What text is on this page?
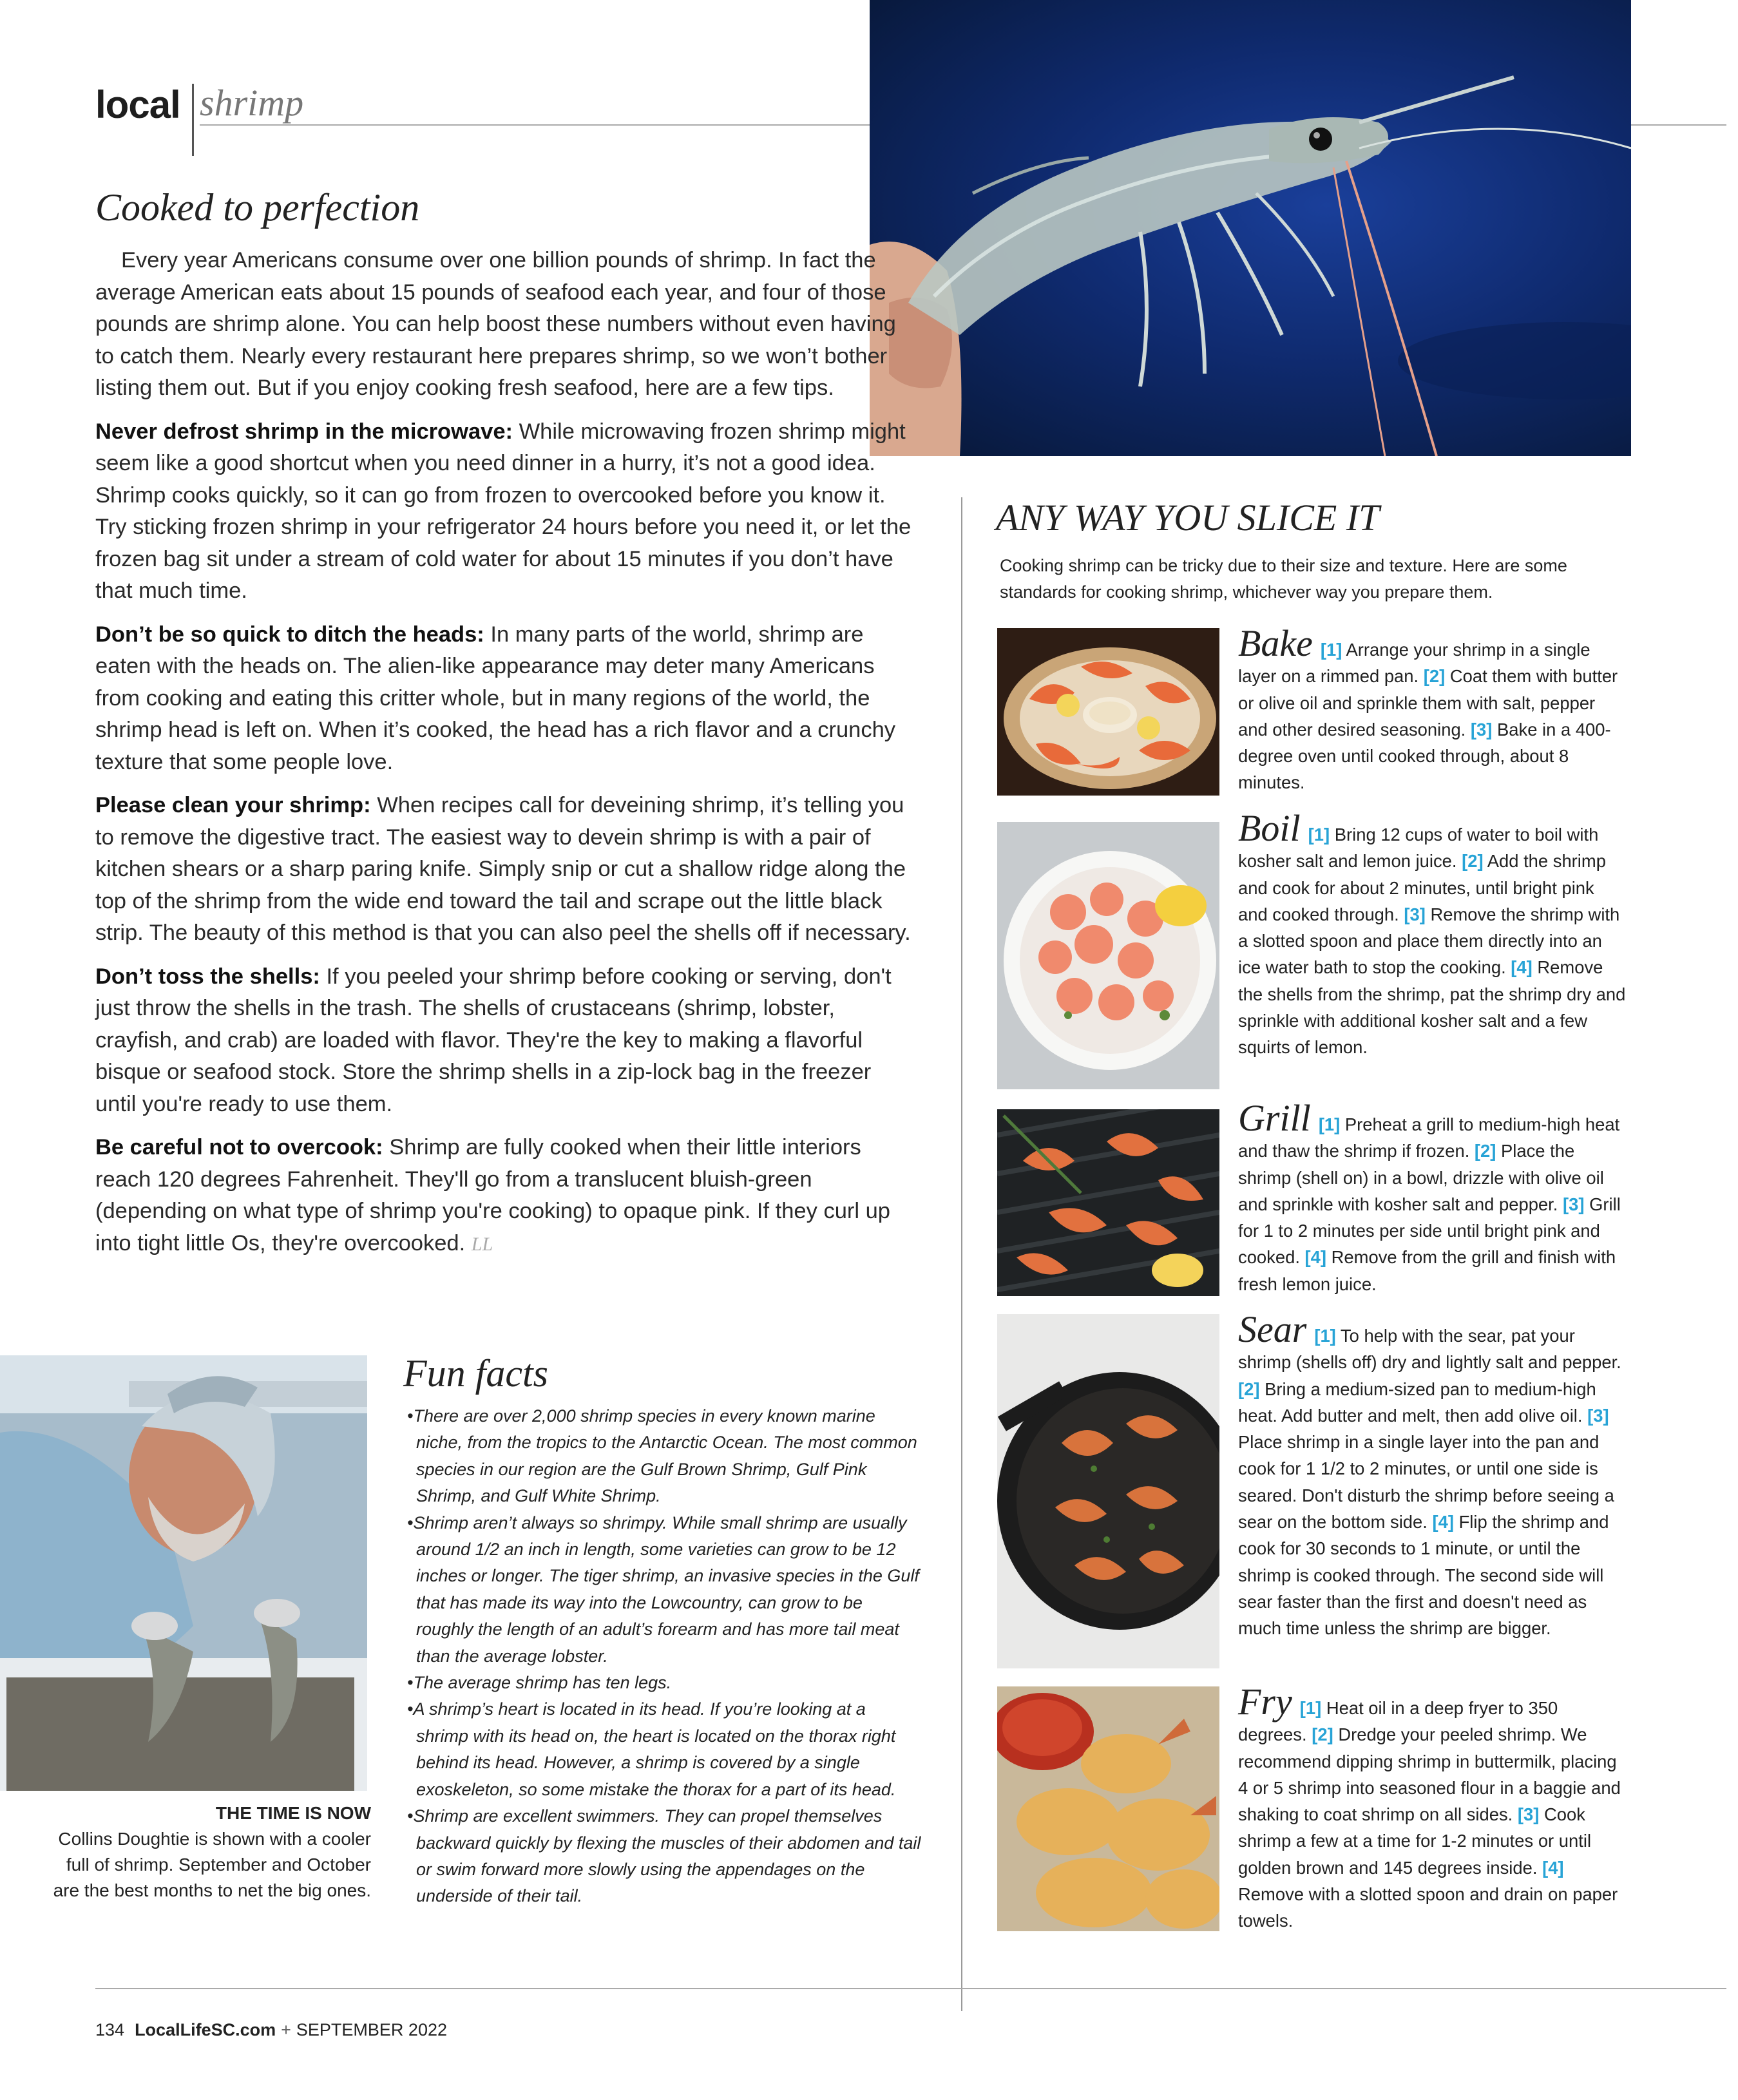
local shrimp
Cooked to perfection

Every year Americans consume over one billion pounds of shrimp. In fact the average American eats about 15 pounds of seafood each year, and four of those pounds are shrimp alone. You can help boost these numbers without even having to catch them. Nearly every restaurant here prepares shrimp, so we won’t bother listing them out. But if you enjoy cooking fresh seafood, here are a few tips.

Never defrost shrimp in the microwave: While microwaving frozen shrimp might seem like a good shortcut when you need dinner in a hurry, it’s not a good idea. Shrimp cooks quickly, so it can go from frozen to overcooked before you know it. Try sticking frozen shrimp in your refrigerator 24 hours before you need it, or let the frozen bag sit under a stream of cold water for about 15 minutes if you don’t have that much time.

Don’t be so quick to ditch the heads: In many parts of the world, shrimp are eaten with the heads on. The alien-like appearance may deter many Americans from cooking and eating this critter whole, but in many regions of the world, the shrimp head is left on. When it’s cooked, the head has a rich flavor and a crunchy texture that some people love.

Please clean your shrimp: When recipes call for deveining shrimp, it’s telling you to remove the digestive tract. The easiest way to devein shrimp is with a pair of kitchen shears or a sharp paring knife. Simply snip or cut a shallow ridge along the top of the shrimp from the wide end toward the tail and scrape out the little black strip. The beauty of this method is that you can also peel the shells off if necessary.

Don’t toss the shells: If you peeled your shrimp before cooking or serving, don't just throw the shells in the trash. The shells of crustaceans (shrimp, lobster, crayfish, and crab) are loaded with flavor. They're the key to making a flavorful bisque or seafood stock. Store the shrimp shells in a zip-lock bag in the freezer until you're ready to use them.

Be careful not to overcook: Shrimp are fully cooked when their little interiors reach 120 degrees Fahrenheit. They'll go from a translucent bluish-green (depending on what type of shrimp you're cooking) to opaque pink. If they curl up into tight little Os, they're overcooked. LL

THE TIME IS NOW
Collins Doughtie is shown with a cooler full of shrimp. September and October are the best months to net the big ones.
Fun facts
• There are over 2,000 shrimp species in every known marine niche, from the tropics to the Antarctic Ocean. The most common species in our region are the Gulf Brown Shrimp, Gulf Pink Shrimp, and Gulf White Shrimp.
• Shrimp aren’t always so shrimpy. While small shrimp are usually around 1/2 an inch in length, some varieties can grow to be 12 inches or longer. The tiger shrimp, an invasive species in the Gulf that has made its way into the Lowcountry, can grow to be roughly the length of an adult’s forearm and has more tail meat than the average lobster.
• The average shrimp has ten legs.
• A shrimp’s heart is located in its head. If you’re looking at a shrimp with its head on, the heart is located on the thorax right behind its head. However, a shrimp is covered by a single exoskeleton, so some mistake the thorax for a part of its head.
• Shrimp are excellent swimmers. They can propel themselves backward quickly by flexing the muscles of their abdomen and tail or swim forward more slowly using the appendages on the underside of their tail.
ANY WAY YOU SLICE IT
Cooking shrimp can be tricky due to their size and texture. Here are some standards for cooking shrimp, whichever way you prepare them.
Bake [1] Arrange your shrimp in a single layer on a rimmed pan. [2] Coat them with butter or olive oil and sprinkle them with salt, pepper and other desired seasoning. [3] Bake in a 400-degree oven until cooked through, about 8 minutes.
Boil [1] Bring 12 cups of water to boil with kosher salt and lemon juice. [2] Add the shrimp and cook for about 2 minutes, until bright pink and cooked through. [3] Remove the shrimp with a slotted spoon and place them directly into an ice water bath to stop the cooking. [4] Remove the shells from the shrimp, pat the shrimp dry and sprinkle with additional kosher salt and a few squirts of lemon.
Grill [1] Preheat a grill to medium-high heat and thaw the shrimp if frozen. [2] Place the shrimp (shell on) in a bowl, drizzle with olive oil and sprinkle with kosher salt and pepper. [3] Grill for 1 to 2 minutes per side until bright pink and cooked. [4] Remove from the grill and finish with fresh lemon juice.
Sear [1] To help with the sear, pat your shrimp (shells off) dry and lightly salt and pepper. [2] Bring a medium-sized pan to medium-high heat. Add butter and melt, then add olive oil. [3] Place shrimp in a single layer into the pan and cook for 1 1/2 to 2 minutes, or until one side is seared. Don't disturb the shrimp before seeing a sear on the bottom side. [4] Flip the shrimp and cook for 30 seconds to 1 minute, or until the shrimp is cooked through. The second side will sear faster than the first and doesn't need as much time unless the shrimp are bigger.
Fry [1] Heat oil in a deep fryer to 350 degrees. [2] Dredge your peeled shrimp. We recommend dipping shrimp in buttermilk, placing 4 or 5 shrimp into seasoned flour in a baggie and shaking to coat shrimp on all sides. [3] Cook shrimp a few at a time for 1-2 minutes or until golden brown and 145 degrees inside. [4] Remove with a slotted spoon and drain on paper towels.
134 LocalLifeSC.com + SEPTEMBER 2022
